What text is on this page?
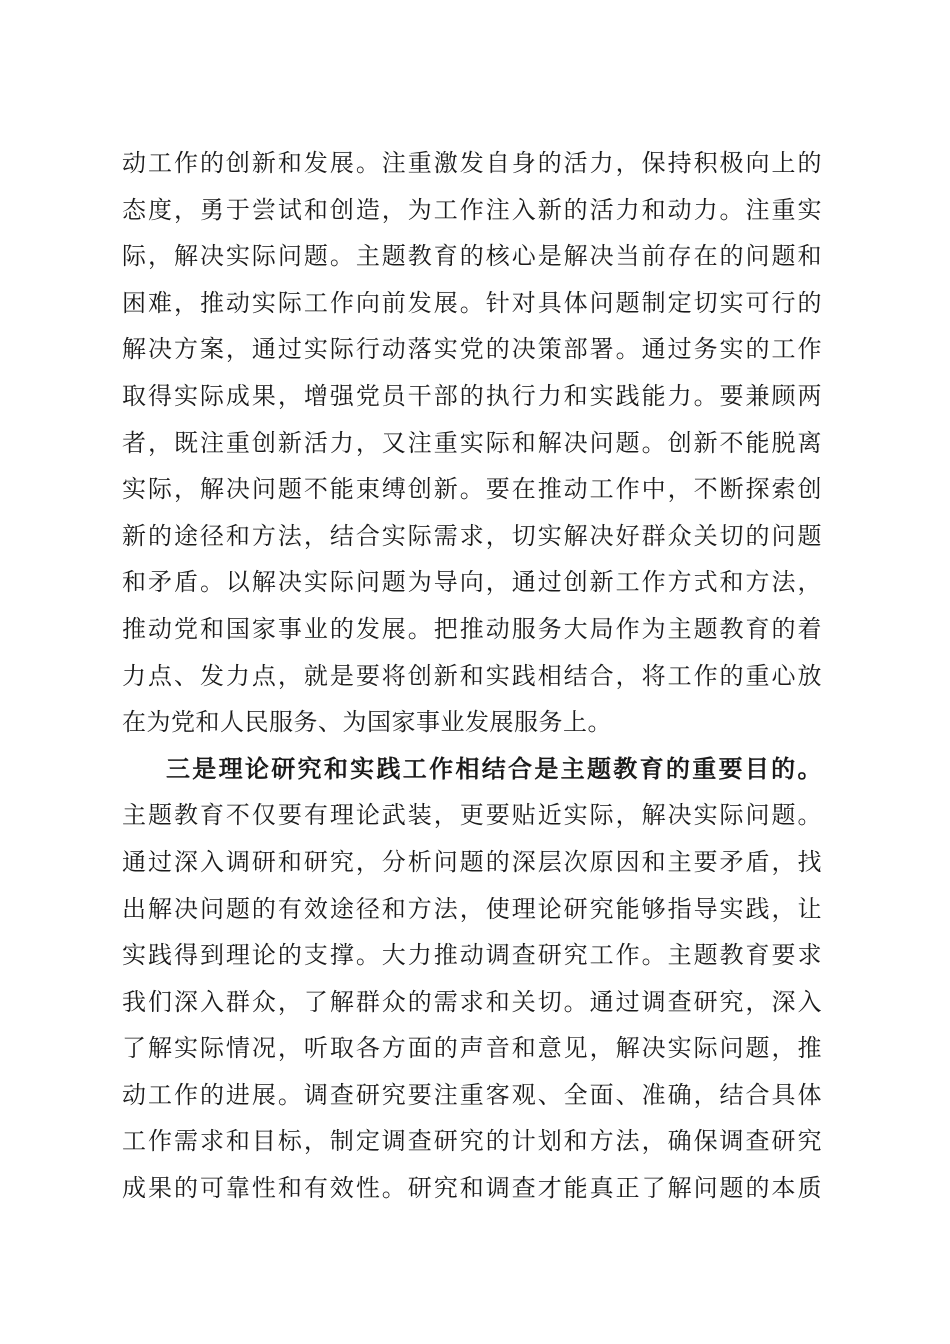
动工作的创新和发展。注重激发自身的活力，保持积极向上的
态度，勇于尝试和创造，为工作注入新的活力和动力。注重实
际，解决实际问题。主题教育的核心是解决当前存在的问题和
困难，推动实际工作向前发展。针对具体问题制定切实可行的
解决方案，通过实际行动落实党的决策部署。通过务实的工作
取得实际成果，增强党员干部的执行力和实践能力。要兼顾两
者，既注重创新活力，又注重实际和解决问题。创新不能脱离
实际，解决问题不能束缚创新。要在推动工作中，不断探索创
新的途径和方法，结合实际需求，切实解决好群众关切的问题
和矛盾。以解决实际问题为导向，通过创新工作方式和方法，
推动党和国家事业的发展。把推动服务大局作为主题教育的着
力点、发力点，就是要将创新和实践相结合，将工作的重心放
在为党和人民服务、为国家事业发展服务上。
三是理论研究和实践工作相结合是主题教育的重要目的。
主题教育不仅要有理论武装，更要贴近实际，解决实际问题。
通过深入调研和研究，分析问题的深层次原因和主要矛盾，找
出解决问题的有效途径和方法，使理论研究能够指导实践，让
实践得到理论的支撑。大力推动调查研究工作。主题教育要求
我们深入群众，了解群众的需求和关切。通过调查研究，深入
了解实际情况，听取各方面的声音和意见，解决实际问题，推
动工作的进展。调查研究要注重客观、全面、准确，结合具体
工作需求和目标，制定调查研究的计划和方法，确保调查研究
成果的可靠性和有效性。研究和调查才能真正了解问题的本质
